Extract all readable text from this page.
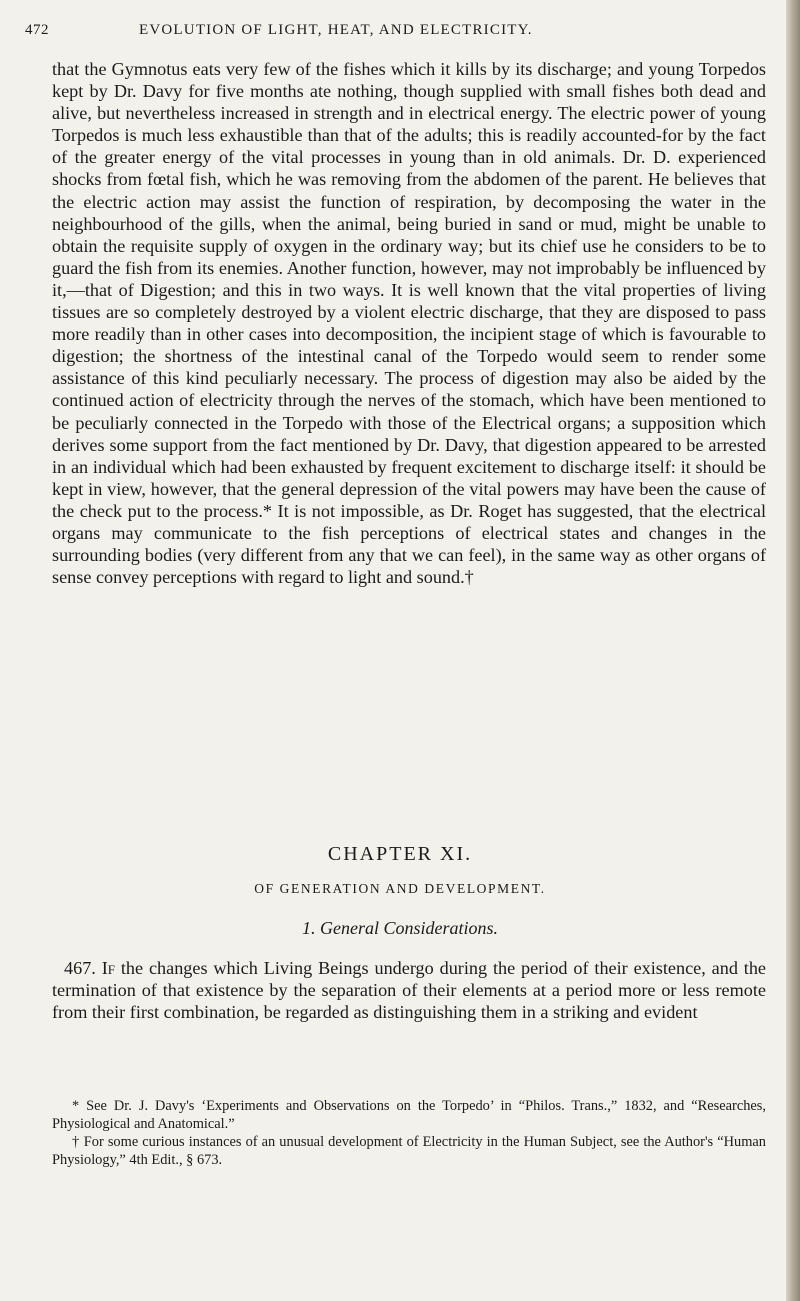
472	EVOLUTION OF LIGHT, HEAT, AND ELECTRICITY.

that the Gymnotus eats very few of the fishes which it kills by its discharge; and young Torpedos kept by Dr. Davy for five months ate nothing, though supplied with small fishes both dead and alive, but nevertheless increased in strength and in electrical energy. The electric power of young Torpedos is much less exhaustible than that of the adults; this is readily accounted-for by the fact of the greater energy of the vital processes in young than in old animals. Dr. D. experienced shocks from fœtal fish, which he was removing from the abdomen of the parent. He believes that the electric action may assist the function of respiration, by decomposing the water in the neighbourhood of the gills, when the animal, being buried in sand or mud, might be unable to obtain the requisite supply of oxygen in the ordinary way; but its chief use he considers to be to guard the fish from its enemies. Another function, however, may not improbably be influenced by it,—that of Digestion; and this in two ways. It is well known that the vital properties of living tissues are so completely destroyed by a violent electric discharge, that they are disposed to pass more readily than in other cases into decomposition, the incipient stage of which is favourable to digestion; the shortness of the intestinal canal of the Torpedo would seem to render some assistance of this kind peculiarly necessary. The process of digestion may also be aided by the continued action of electricity through the nerves of the stomach, which have been mentioned to be peculiarly connected in the Torpedo with those of the Electrical organs; a supposition which derives some support from the fact mentioned by Dr. Davy, that digestion appeared to be arrested in an individual which had been exhausted by frequent excitement to discharge itself: it should be kept in view, however, that the general depression of the vital powers may have been the cause of the check put to the process.* It is not impossible, as Dr. Roget has suggested, that the electrical organs may communicate to the fish perceptions of electrical states and changes in the surrounding bodies (very different from any that we can feel), in the same way as other organs of sense convey perceptions with regard to light and sound.†

CHAPTER XI.
OF GENERATION AND DEVELOPMENT.
1. General Considerations.
467. If the changes which Living Beings undergo during the period of their existence, and the termination of that existence by the separation of their elements at a period more or less remote from their first combination, be regarded as distinguishing them in a striking and evident

* See Dr. J. Davy's ‘Experiments and Observations on the Torpedo’ in “Philos. Trans.,” 1832, and “Researches, Physiological and Anatomical.”

† For some curious instances of an unusual development of Electricity in the Human Subject, see the Author's “Human Physiology,” 4th Edit., § 673.
